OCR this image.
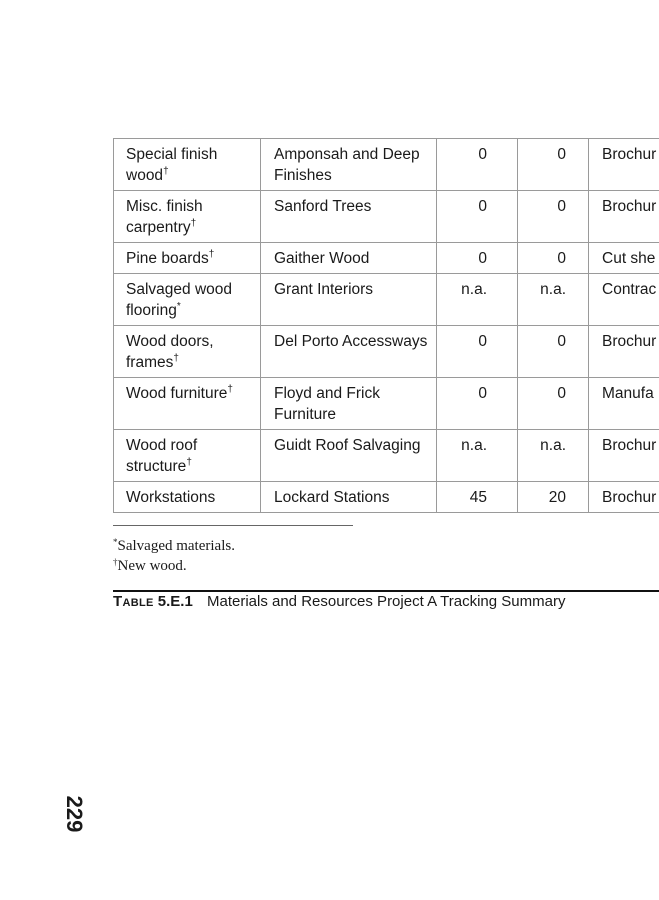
Special finish wood†	Amponsah and Deep Finishes	0	0	Brochur
Misc. finish carpentry†	Sanford Trees	0	0	Brochur
Pine boards†	Gaither Wood	0	0	Cut she
Salvaged wood flooring*	Grant Interiors	n.a.	n.a.	Contrac
Wood doors, frames†	Del Porto Accessways	0	0	Brochur
Wood furniture†	Floyd and Frick Furniture	0	0	Manufa
Wood roof structure†	Guidt Roof Salvaging	n.a.	n.a.	Brochur
Workstations	Lockard Stations	45	20	Brochur
*Salvaged materials.
†New wood.
Table 5.E.1 Materials and Resources Project A Tracking Summary
229
